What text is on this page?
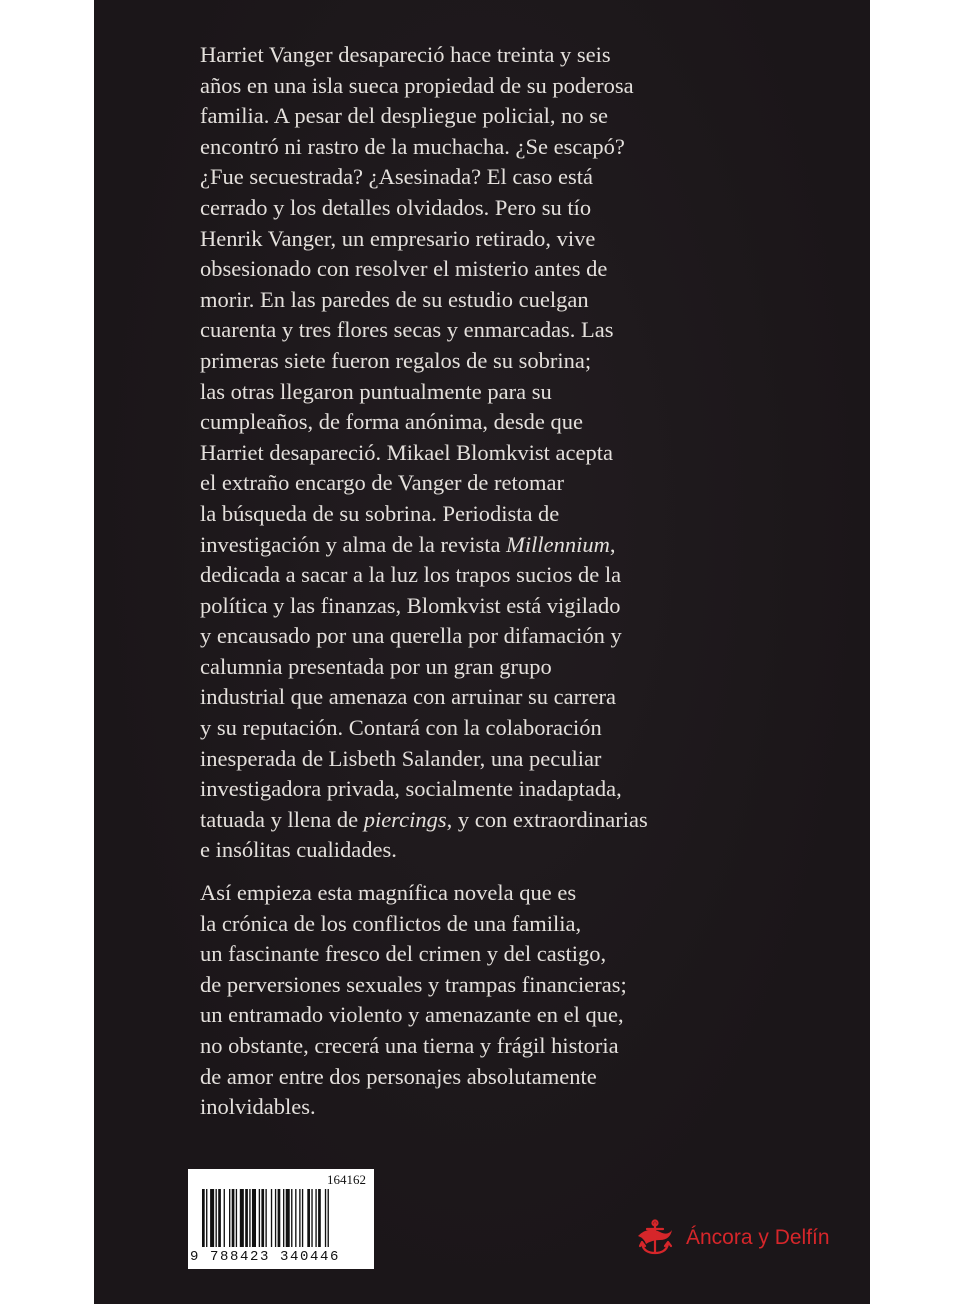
Harriet Vanger desapareció hace treinta y seis
años en una isla sueca propiedad de su poderosa
familia. A pesar del despliegue policial, no se
encontró ni rastro de la muchacha. ¿Se escapó?
¿Fue secuestrada? ¿Asesinada? El caso está
cerrado y los detalles olvidados. Pero su tío
Henrik Vanger, un empresario retirado, vive
obsesionado con resolver el misterio antes de
morir. En las paredes de su estudio cuelgan
cuarenta y tres flores secas y enmarcadas. Las
primeras siete fueron regalos de su sobrina;
las otras llegaron puntualmente para su
cumpleaños, de forma anónima, desde que
Harriet desapareció. Mikael Blomkvist acepta
el extraño encargo de Vanger de retomar
la búsqueda de su sobrina. Periodista de
investigación y alma de la revista Millennium,
dedicada a sacar a la luz los trapos sucios de la
política y las finanzas, Blomkvist está vigilado
y encausado por una querella por difamación y
calumnia presentada por un gran grupo
industrial que amenaza con arruinar su carrera
y su reputación. Contará con la colaboración
inesperada de Lisbeth Salander, una peculiar
investigadora privada, socialmente inadaptada,
tatuada y llena de piercings, y con extraordinarias
e insólitas cualidades.
Así empieza esta magnífica novela que es
la crónica de los conflictos de una familia,
un fascinante fresco del crimen y del castigo,
de perversiones sexuales y trampas financieras;
un entramado violento y amenazante en el que,
no obstante, crecerá una tierna y frágil historia
de amor entre dos personajes absolutamente
inolvidables.
164162
9 788423 340446
Áncora y Delfín
